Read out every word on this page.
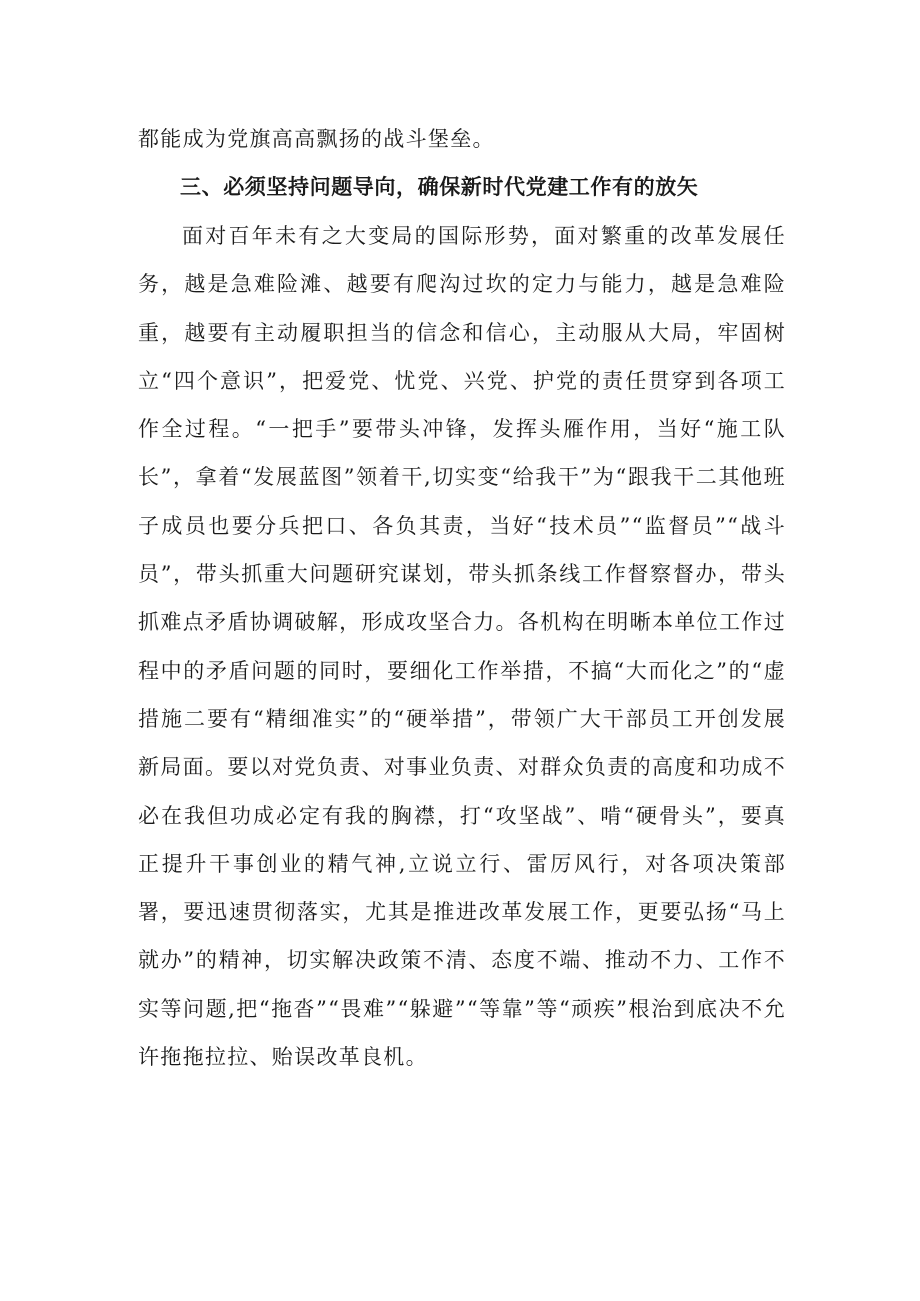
都能成为党旗高高飘扬的战斗堡垒。

三、必须坚持问题导向，确保新时代党建工作有的放矢

面对百年未有之大变局的国际形势，面对繁重的改革发展任务，越是急难险滩、越要有爬沟过坎的定力与能力，越是急难险重，越要有主动履职担当的信念和信心，主动服从大局，牢固树立“四个意识”，把爱党、忧党、兴党、护党的责任贯穿到各项工作全过程。“一把手”要带头冲锋，发挥头雁作用，当好“施工队长”，拿着“发展蓝图”领着干,切实变“给我干”为“跟我干二其他班子成员也要分兵把口、各负其责，当好“技术员”“监督员”“战斗员”，带头抓重大问题研究谋划，带头抓条线工作督察督办，带头抓难点矛盾协调破解，形成攻坚合力。各机构在明晰本单位工作过程中的矛盾问题的同时，要细化工作举措，不搞“大而化之”的“虚措施二要有“精细准实”的“硬举措”，带领广大干部员工开创发展新局面。要以对党负责、对事业负责、对群众负责的高度和功成不必在我但功成必定有我的胸襟，打“攻坚战”、啃“硬骨头”，要真正提升干事创业的精气神,立说立行、雷厉风行，对各项决策部署，要迅速贯彻落实，尤其是推进改革发展工作，更要弘扬“马上就办”的精神，切实解决政策不清、态度不端、推动不力、工作不实等问题,把“拖沓”“畏难”“躲避”“等靠”等“顽疾”根治到底决不允许拖拖拉拉、贻误改革良机。
